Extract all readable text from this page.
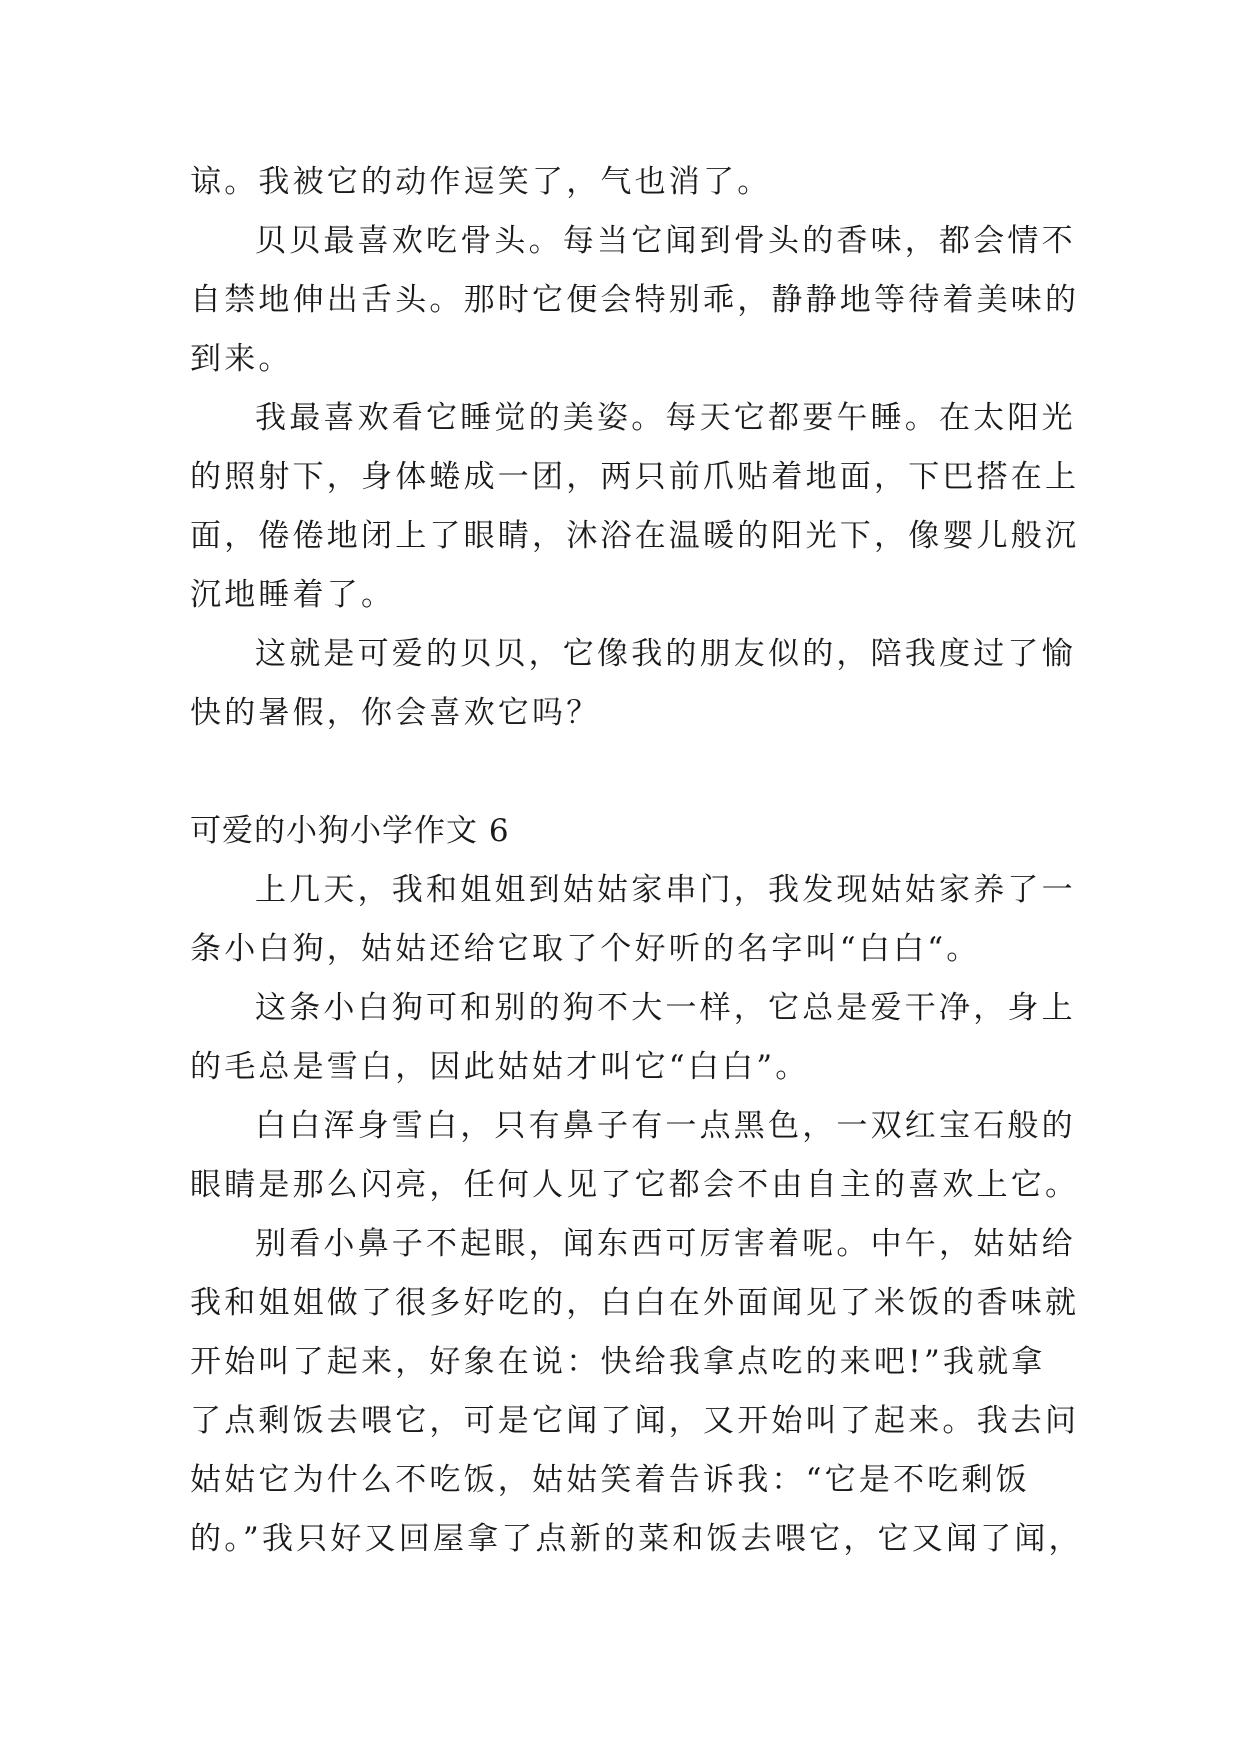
谅。我被它的动作逗笑了，气也消了。
贝贝最喜欢吃骨头。每当它闻到骨头的香味，都会情不
自禁地伸出舌头。那时它便会特别乖，静静地等待着美味的
到来。
我最喜欢看它睡觉的美姿。每天它都要午睡。在太阳光
的照射下，身体蜷成一团，两只前爪贴着地面，下巴搭在上
面，倦倦地闭上了眼睛，沐浴在温暖的阳光下，像婴儿般沉
沉地睡着了。
这就是可爱的贝贝，它像我的朋友似的，陪我度过了愉
快的暑假，你会喜欢它吗？
可爱的小狗小学作文 6
上几天，我和姐姐到姑姑家串门，我发现姑姑家养了一
条小白狗，姑姑还给它取了个好听的名字叫“白白“。
这条小白狗可和别的狗不大一样，它总是爱干净，身上
的毛总是雪白，因此姑姑才叫它“白白”。
白白浑身雪白，只有鼻子有一点黑色，一双红宝石般的
眼睛是那么闪亮，任何人见了它都会不由自主的喜欢上它。
别看小鼻子不起眼，闻东西可厉害着呢。中午，姑姑给
我和姐姐做了很多好吃的，白白在外面闻见了米饭的香味就
开始叫了起来，好象在说：快给我拿点吃的来吧!”我就拿
了点剩饭去喂它，可是它闻了闻，又开始叫了起来。我去问
姑姑它为什么不吃饭，姑姑笑着告诉我：“它是不吃剩饭
的。”我只好又回屋拿了点新的菜和饭去喂它，它又闻了闻，
